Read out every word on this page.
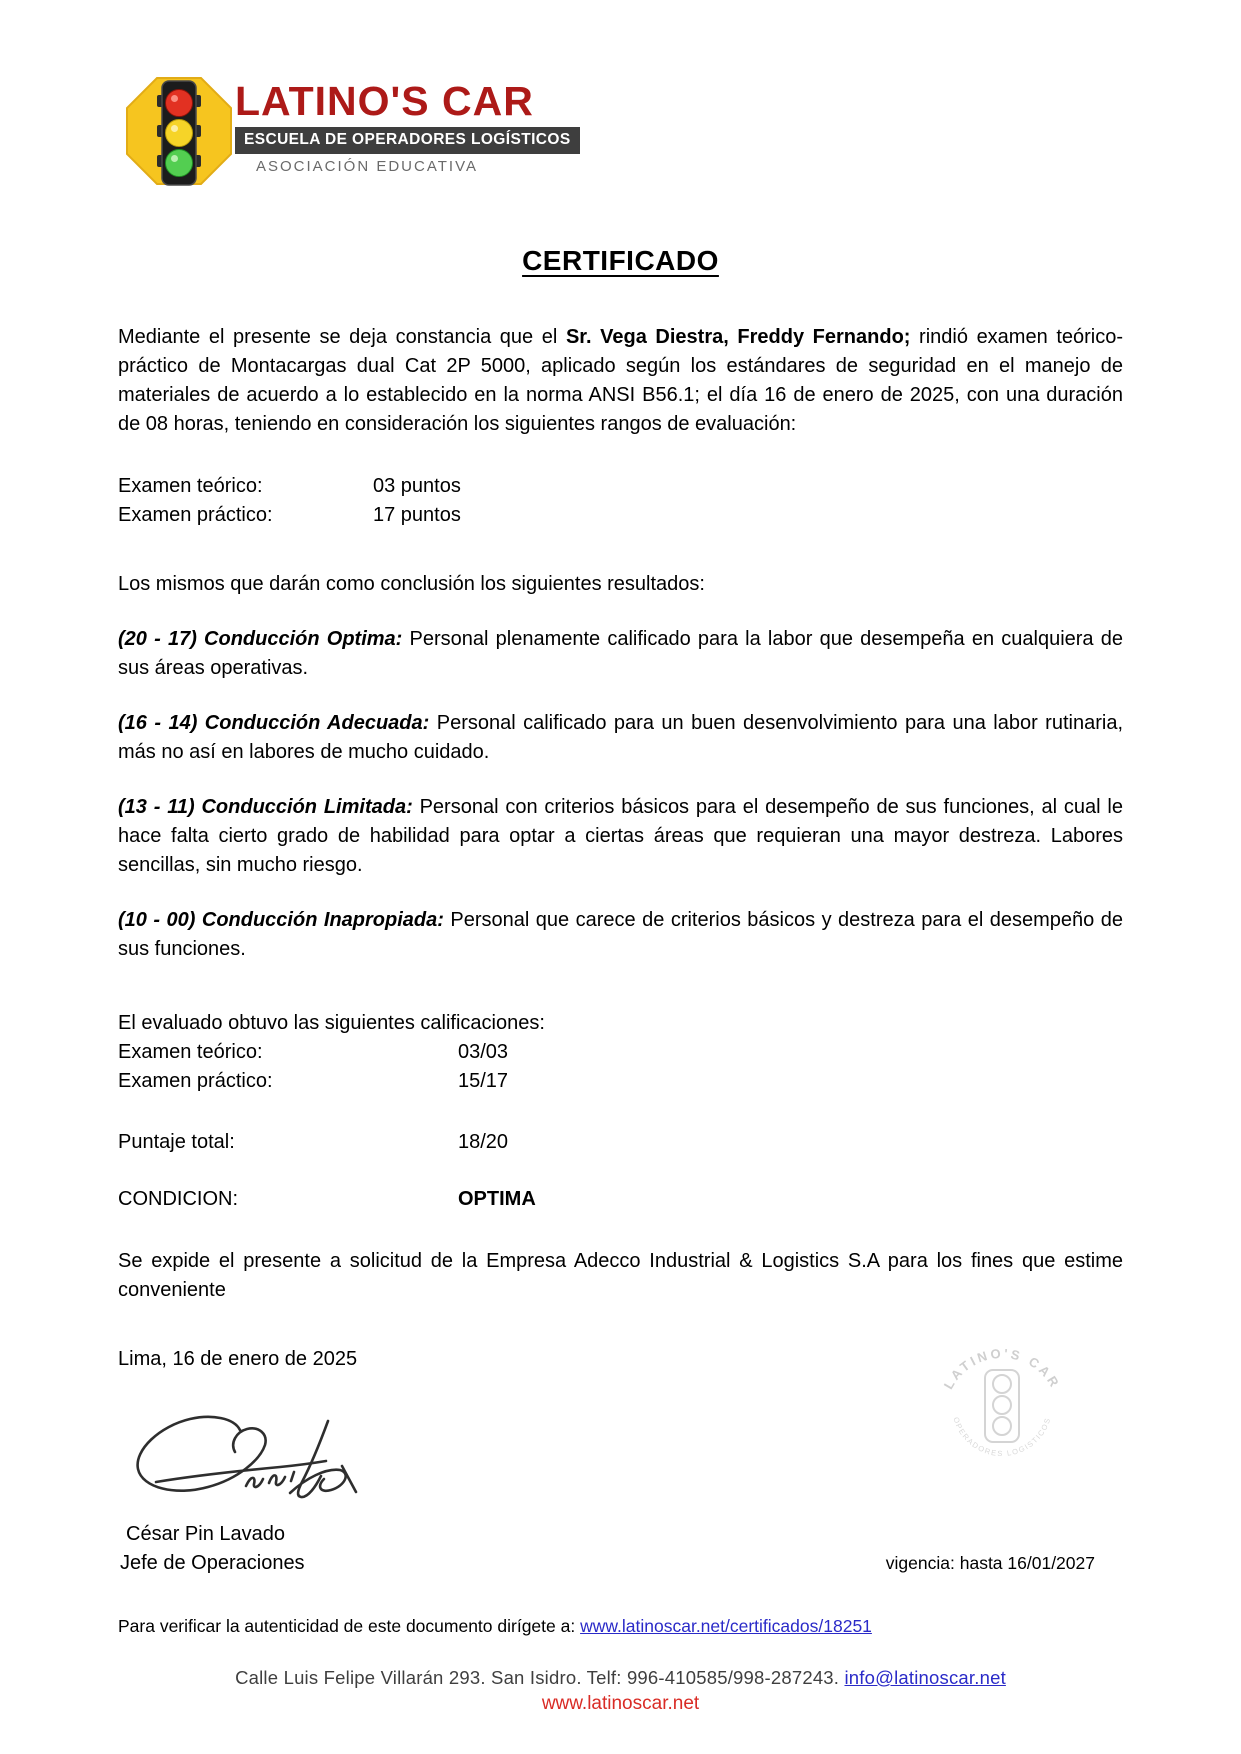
LATINO'S CAR
ESCUELA DE OPERADORES LOGÍSTICOS
ASOCIACIÓN EDUCATIVA
CERTIFICADO

Mediante el presente se deja constancia que el Sr. Vega Diestra, Freddy Fernando; rindió examen teórico-práctico de Montacargas dual Cat 2P 5000, aplicado según los estándares de seguridad en el manejo de materiales de acuerdo a lo establecido en la norma ANSI B56.1; el día 16 de enero de 2025, con una duración de 08 horas, teniendo en consideración los siguientes rangos de evaluación:

Examen teórico:	03 puntos
Examen práctico:	17 puntos

Los mismos que darán como conclusión los siguientes resultados:

(20 - 17) Conducción Optima: Personal plenamente calificado para la labor que desempeña en cualquiera de sus áreas operativas.

(16 - 14) Conducción Adecuada: Personal calificado para un buen desenvolvimiento para una labor rutinaria, más no así en labores de mucho cuidado.

(13 - 11) Conducción Limitada: Personal con criterios básicos para el desempeño de sus funciones, al cual le hace falta cierto grado de habilidad para optar a ciertas áreas que requieran una mayor destreza. Labores sencillas, sin mucho riesgo.

(10 - 00) Conducción Inapropiada: Personal que carece de criterios básicos y destreza para el desempeño de sus funciones.

El evaluado obtuvo las siguientes calificaciones:

Examen teórico:	03/03
Examen práctico:	15/17
Puntaje total:	18/20
CONDICION:	OPTIMA

Se expide el presente a solicitud de la Empresa Adecco Industrial & Logistics S.A para los fines que estime conveniente

Lima, 16 de enero de 2025

César Pin Lavado
Jefe de Operaciones	vigencia: hasta 16/01/2027
LATINO'S CAR
OPERADORES LOGISTICOS

Para verificar la autenticidad de este documento dirígete a: www.latinoscar.net/certificados/18251

Calle Luis Felipe Villarán 293. San Isidro. Telf: 996-410585/998-287243. info@latinoscar.net

www.latinoscar.net
